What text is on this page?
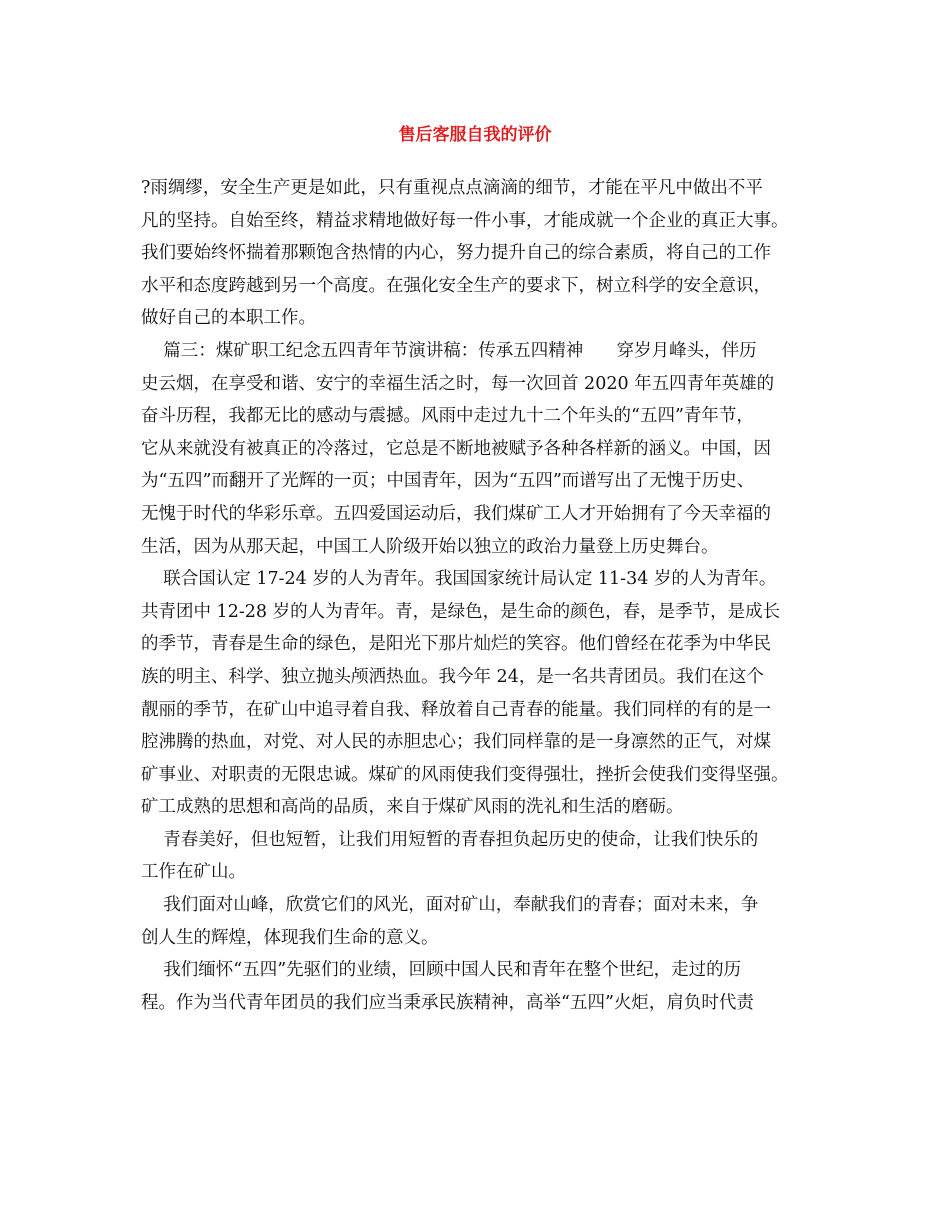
售后客服自我的评价
?雨绸缪，安全生产更是如此，只有重视点点滴滴的细节，才能在平凡中做出不平
凡的坚持。自始至终，精益求精地做好每一件小事，才能成就一个企业的真正大事。
我们要始终怀揣着那颗饱含热情的内心，努力提升自己的综合素质，将自己的工作
水平和态度跨越到另一个高度。在强化安全生产的要求下，树立科学的安全意识，
做好自己的本职工作。
篇三：煤矿职工纪念五四青年节演讲稿：传承五四精神      穿岁月峰头，伴历
史云烟，在享受和谐、安宁的幸福生活之时，每一次回首 2020 年五四青年英雄的
奋斗历程，我都无比的感动与震撼。风雨中走过九十二个年头的“五四”青年节，
它从来就没有被真正的冷落过，它总是不断地被赋予各种各样新的涵义。中国，因
为“五四”而翻开了光辉的一页；中国青年，因为“五四”而谱写出了无愧于历史、
无愧于时代的华彩乐章。五四爱国运动后，我们煤矿工人才开始拥有了今天幸福的
生活，因为从那天起，中国工人阶级开始以独立的政治力量登上历史舞台。
联合国认定 17-24 岁的人为青年。我国国家统计局认定 11-34 岁的人为青年。
共青团中 12-28 岁的人为青年。青，是绿色，是生命的颜色，春，是季节，是成长
的季节，青春是生命的绿色，是阳光下那片灿烂的笑容。他们曾经在花季为中华民
族的明主、科学、独立抛头颅洒热血。我今年 24，是一名共青团员。我们在这个
靓丽的季节，在矿山中追寻着自我、释放着自己青春的能量。我们同样的有的是一
腔沸腾的热血，对党、对人民的赤胆忠心；我们同样靠的是一身凛然的正气，对煤
矿事业、对职责的无限忠诚。煤矿的风雨使我们变得强壮，挫折会使我们变得坚强。
矿工成熟的思想和高尚的品质，来自于煤矿风雨的洗礼和生活的磨砺。
青春美好，但也短暂，让我们用短暂的青春担负起历史的使命，让我们快乐的
工作在矿山。
我们面对山峰，欣赏它们的风光，面对矿山，奉献我们的青春；面对未来，争
创人生的辉煌，体现我们生命的意义。
我们缅怀“五四”先驱们的业绩，回顾中国人民和青年在整个世纪，走过的历
程。作为当代青年团员的我们应当秉承民族精神，高举“五四”火炬，肩负时代责
